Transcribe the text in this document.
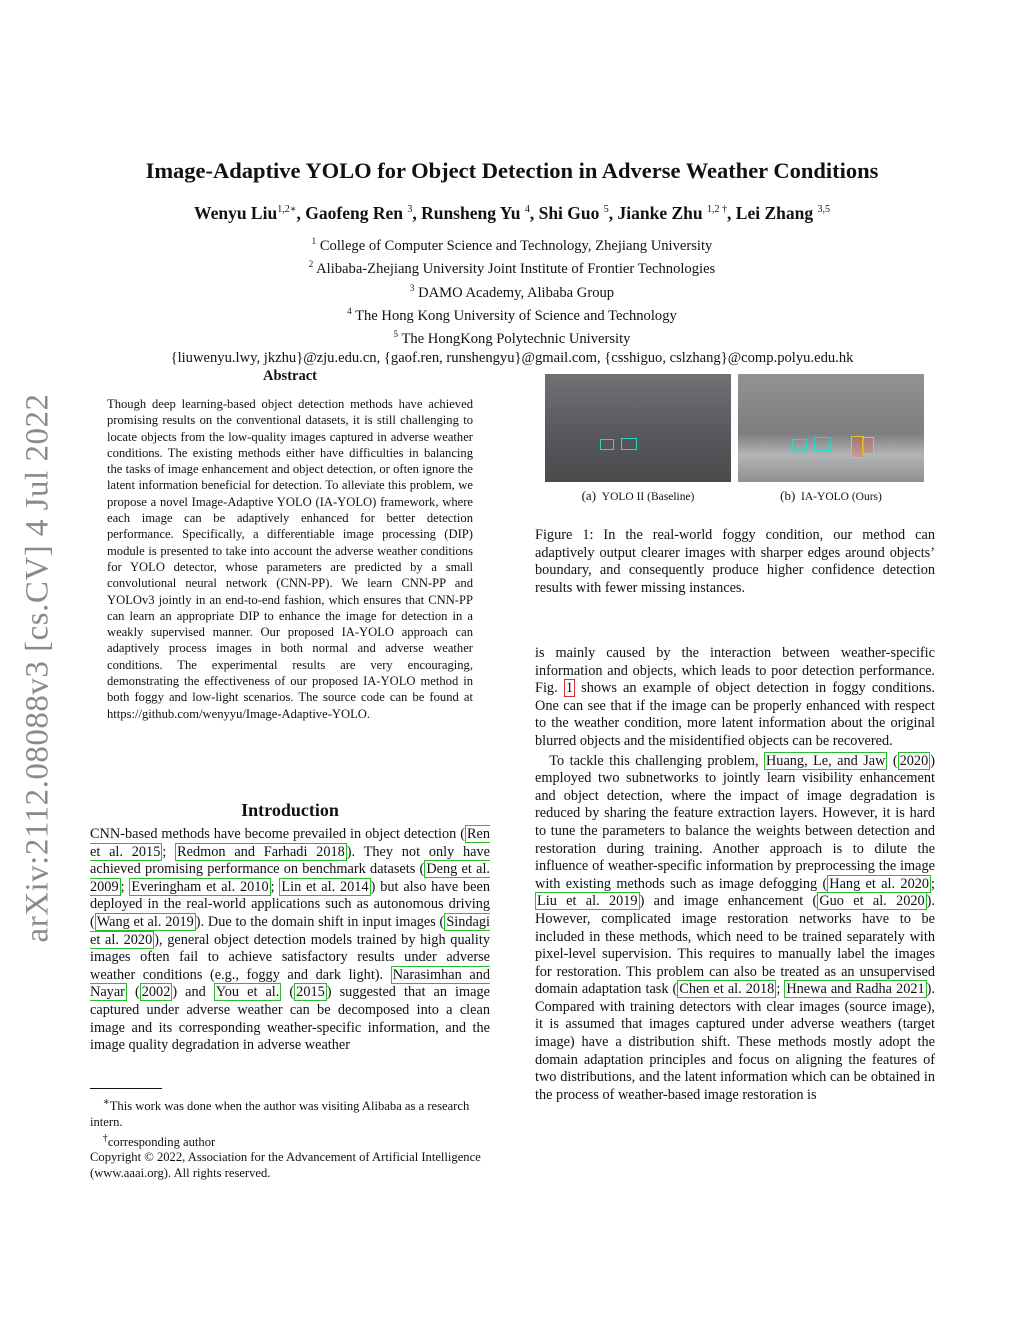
arXiv:2112.08088v3 [cs.CV] 4 Jul 2022
Image-Adaptive YOLO for Object Detection in Adverse Weather Conditions
Wenyu Liu$^{1,2∗}$, Gaofeng Ren $^3$, Runsheng Yu $^4$, Shi Guo $^5$, Jianke Zhu $^{1,2 \dagger}$, Lei Zhang $^{3,5}$
$^1$ College of Computer Science and Technology, Zhejiang University
$^2$ Alibaba-Zhejiang University Joint Institute of Frontier Technologies
$^3$ DAMO Academy, Alibaba Group
$^4$ The Hong Kong University of Science and Technology
$^5$ The HongKong Polytechnic University
{liuwenyu.lwy, jkzhu}@zju.edu.cn, {gaof.ren, runshengyu}@gmail.com, {csshiguo, cslzhang}@comp.polyu.edu.hk
Abstract
Though deep learning-based object detection methods have achieved promising results on the conventional datasets, it is still challenging to locate objects from the low-quality images captured in adverse weather conditions. The existing methods either have difficulties in balancing the tasks of image enhancement and object detection, or often ignore the latent information beneficial for detection. To alleviate this problem, we propose a novel Image-Adaptive YOLO (IA-YOLO) framework, where each image can be adaptively enhanced for better detection performance. Specifically, a differentiable image processing (DIP) module is presented to take into account the adverse weather conditions for YOLO detector, whose parameters are predicted by a small convolutional neural network (CNN-PP). We learn CNN-PP and YOLOv3 jointly in an end-to-end fashion, which ensures that CNN-PP can learn an appropriate DIP to enhance the image for detection in a weakly supervised manner. Our proposed IA-YOLO approach can adaptively process images in both normal and adverse weather conditions. The experimental results are very encouraging, demonstrating the effectiveness of our proposed IA-YOLO method in both foggy and low-light scenarios. The source code can be found at https://github.com/wenyyu/Image-Adaptive-YOLO.
Introduction
CNN-based methods have become prevailed in object detection ( Ren et al. 2015 ; Redmon and Farhadi 2018 ). They not only have achieved promising performance on benchmark datasets ( Deng et al. 2009 ; Everingham et al. 2010 ; Lin et al. 2014 ) but also have been deployed in the real-world applications such as autonomous driving ( Wang et al. 2019 ). Due to the domain shift in input images ( Sindagi et al. 2020 ), general object detection models trained by high quality images often fail to achieve satisfactory results under adverse weather conditions (e.g., foggy and dark light). Narasimhan and Nayar ( 2002 ) and You et al. ( 2015 ) suggested that an image captured under adverse weather can be decomposed into a clean image and its corresponding weather-specific information, and the image quality degradation in adverse weather

 ∗This work was done when the author was visiting Alibaba as a research intern.

 †corresponding author

Copyright © 2022, Association for the Advancement of Artificial Intelligence (www.aaai.org). All rights reserved.

(a) YOLO II (Baseline)	(b) IA-YOLO (Ours)
Figure 1: In the real-world foggy condition, our method can adaptively output clearer images with sharper edges around objects’ boundary, and consequently produce higher confidence detection results with fewer missing instances.

is mainly caused by the interaction between weather-specific information and objects, which leads to poor detection performance. Fig. 1 shows an example of object detection in foggy conditions. One can see that if the image can be properly enhanced with respect to the weather condition, more latent information about the original blurred objects and the misidentified objects can be recovered.

To tackle this challenging problem, Huang, Le, and Jaw ( 2020 ) employed two subnetworks to jointly learn visibility enhancement and object detection, where the impact of image degradation is reduced by sharing the feature extraction layers. However, it is hard to tune the parameters to balance the weights between detection and restoration during training. Another approach is to dilute the influence of weather-specific information by preprocessing the image with existing methods such as image defogging ( Hang et al. 2020 ; Liu et al. 2019 ) and image enhancement ( Guo et al. 2020 ). However, complicated image restoration networks have to be included in these methods, which need to be trained separately with pixel-level supervision. This requires to manually label the images for restoration. This problem can also be treated as an unsupervised domain adaptation task ( Chen et al. 2018 ; Hnewa and Radha 2021 ). Compared with training detectors with clear images (source image), it is assumed that images captured under adverse weathers (target image) have a distribution shift. These methods mostly adopt the domain adaptation principles and focus on aligning the features of two distributions, and the latent information which can be obtained in the process of weather-based image restoration is
